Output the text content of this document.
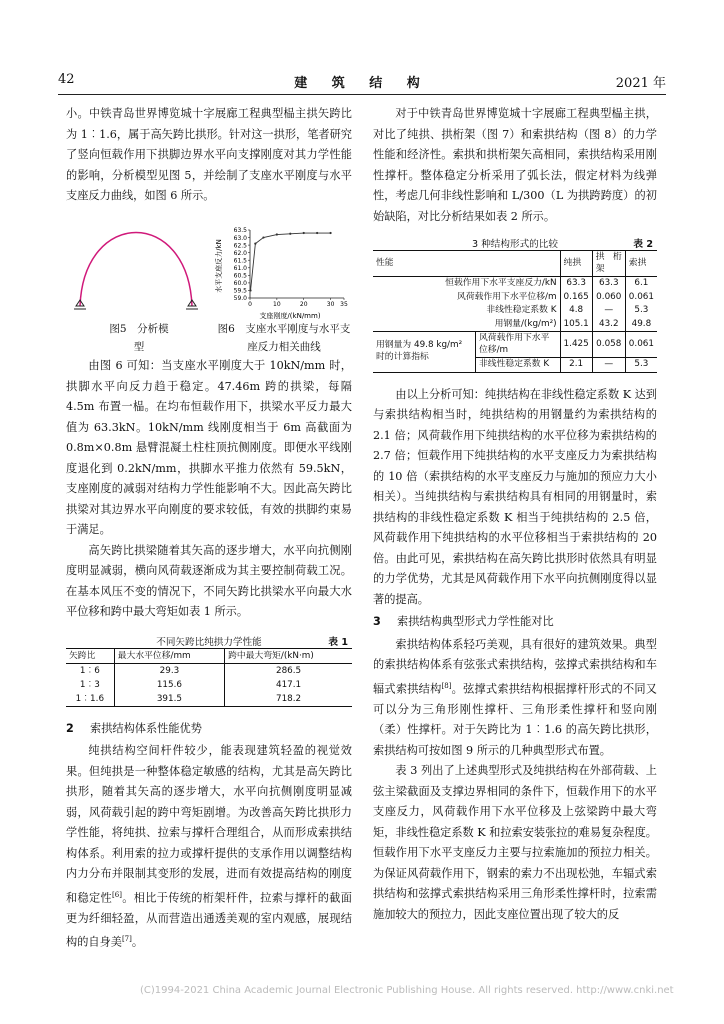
42	建 筑 结 构	2021 年

小。中铁青岛世界博览城十字展廊工程典型榀主拱矢跨比为 1︰1.6，属于高矢跨比拱形。针对这一拱形，笔者研究了竖向恒载作用下拱脚边界水平向支撑刚度对其力学性能的影响，分析模型见图 5，并绘制了支座水平刚度与水平支座反力曲线，如图 6 所示。

水平支座反力/kN
支座刚度/(kN/mm)
63.5
63.0
62.5
62.0
61.5
61.0
60.5
60.0
59.5
59.0
0	10	20	30 35
图5　分析模型
图6　支座水平刚度与水平支座反力相关曲线

由图 6 可知：当支座水平刚度大于 10kN/mm 时，拱脚水平向反力趋于稳定。47.46m 跨的拱梁，每隔 4.5m 布置一榀。在均布恒载作用下，拱梁水平反力最大值为 63.3kN。10kN/mm 线刚度相当于 6m 高截面为 0.8m×0.8m 悬臂混凝土柱柱顶抗侧刚度。即便水平线刚度退化到 0.2kN/mm，拱脚水平推力依然有 59.5kN，支座刚度的减弱对结构力学性能影响不大。因此高矢跨比拱梁对其边界水平向刚度的要求较低，有效的拱脚约束易于满足。

高矢跨比拱梁随着其矢高的逐步增大，水平向抗侧刚度明显减弱，横向风荷载逐渐成为其主要控制荷载工况。在基本风压不变的情况下，不同矢跨比拱梁水平向最大水平位移和跨中最大弯矩如表 1 所示。

不同矢跨比纯拱力学性能	表 1
矢跨比	最大水平位移/mm	跨中最大弯矩/(kN·m)
1︰6	29.3	286.5
1︰3	115.6	417.1
1︰1.6	391.5	718.2
2 索拱结构体系性能优势

纯拱结构空间杆件较少，能表现建筑轻盈的视觉效果。但纯拱是一种整体稳定敏感的结构，尤其是高矢跨比拱形，随着其矢高的逐步增大，水平向抗侧刚度明显减弱，风荷载引起的跨中弯矩剧增。为改善高矢跨比拱形力学性能，将纯拱、拉索与撑杆合理组合，从而形成索拱结构体系。利用索的拉力或撑杆提供的支承作用以调整结构内力分布并限制其变形的发展，进而有效提高结构的刚度和稳定性[6]。相比于传统的桁架杆件，拉索与撑杆的截面更为纤细轻盈，从而营造出通透美观的室内观感，展现结构的自身美[7]。

对于中铁青岛世界博览城十字展廊工程典型榀主拱，对比了纯拱、拱桁架（图 7）和索拱结构（图 8）的力学性能和经济性。索拱和拱桁架矢高相同，索拱结构采用刚性撑杆。整体稳定分析采用了弧长法，假定材料为线弹性，考虑几何非线性影响和 L/300（L 为拱跨跨度）的初始缺陷，对比分析结果如表 2 所示。

3 种结构形式的比较	表 2
性能		纯拱	拱桁架	索拱
恒载作用下水平支座反力/kN		63.3	63.3	6.1
风荷载作用下水平位移/m		0.165	0.060	0.061
非线性稳定系数 K		4.8	—	5.3
用钢量/(kg/m²)		105.1	43.2	49.8
用钢量为 49.8 kg/m² 时的计算指标	风荷载作用下水平位移/m	1.425	0.058	0.061
	非线性稳定系数 K	2.1	—	5.3

由以上分析可知：纯拱结构在非线性稳定系数 K 达到与索拱结构相当时，纯拱结构的用钢量约为索拱结构的 2.1 倍；风荷载作用下纯拱结构的水平位移为索拱结构的 2.7 倍；恒载作用下纯拱结构的水平支座反力为索拱结构的 10 倍（索拱结构的水平支座反力与施加的预应力大小相关）。当纯拱结构与索拱结构具有相同的用钢量时，索拱结构的非线性稳定系数 K 相当于纯拱结构的 2.5 倍，风荷载作用下纯拱结构的水平位移相当于索拱结构的 20 倍。由此可见，索拱结构在高矢跨比拱形时依然具有明显的力学优势，尤其是风荷载作用下水平向抗侧刚度得以显著的提高。

3 索拱结构典型形式力学性能对比

索拱结构体系轻巧美观，具有很好的建筑效果。典型的索拱结构体系有弦张式索拱结构，弦撑式索拱结构和车辐式索拱结构[8]。弦撑式索拱结构根据撑杆形式的不同又可以分为三角形刚性撑杆、三角形柔性撑杆和竖向刚（柔）性撑杆。对于矢跨比为 1︰1.6 的高矢跨比拱形，索拱结构可按如图 9 所示的几种典型形式布置。

表 3 列出了上述典型形式及纯拱结构在外部荷载、上弦主梁截面及支撑边界相同的条件下，恒载作用下的水平支座反力，风荷载作用下水平位移及上弦梁跨中最大弯矩，非线性稳定系数 K 和拉索安装张拉的难易复杂程度。恒载作用下水平支座反力主要与拉索施加的预拉力相关。为保证风荷载作用下，钢索的索力不出现松弛，车辐式索拱结构和弦撑式索拱结构采用三角形柔性撑杆时，拉索需施加较大的预拉力，因此支座位置出现了较大的反

(C)1994-2021 China Academic Journal Electronic Publishing House. All rights reserved. http://www.cnki.net
